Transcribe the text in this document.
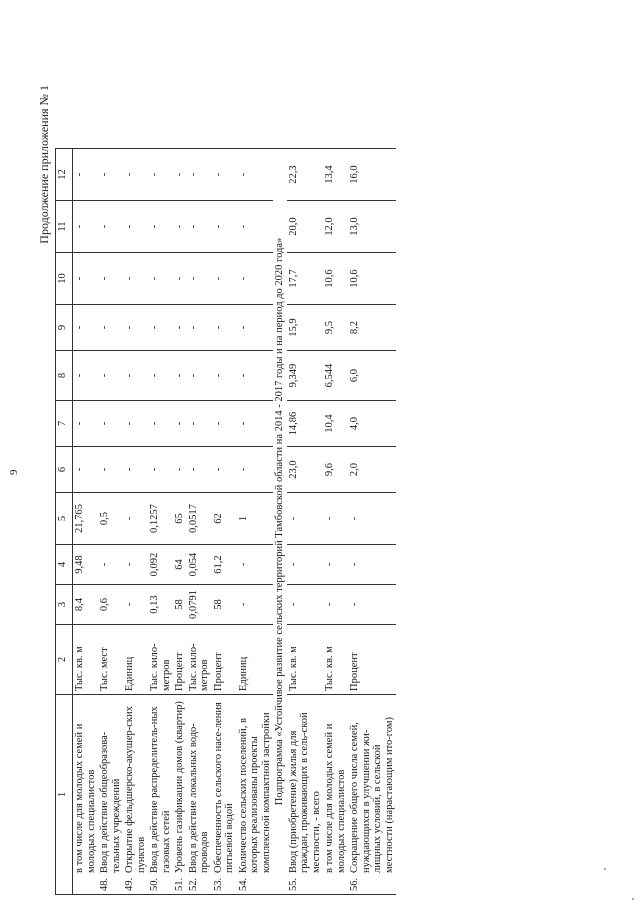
9
Продолжение приложения № 1
1	2	3	4	5	6	7	8	9	10	11	12

в том числе для молодых семей и молодых специалистов	Тыс. кв. м	8,4	9,48	21,765	-	-	-	-	-	-	-

48.
Ввод в действие общеобразова-тельных учреждений	Тыс. мест	0,6	-	0,5	-	-	-	-	-	-	-

49.
Открытие фельдшерско-акушер-ских пунктов	Единиц	-	-	-	-	-	-	-	-	-	-

50.
Ввод в действие распределитель-ных газовых сетей	Тыс. кило-метров	0,13	0,092	0,1257	-	-	-	-	-	-	-

51.
Уровень газификации домов (квартир)	Процент	58	64	65	-	-	-	-	-	-	-

52.
Ввод в действие локальных водо-проводов	Тыс. кило-метров	0,0791	0,054	0,0517	-	-	-	-	-	-	-

53.
Обеспеченность сельского насе-ления питьевой водой	Процент	58	61,2	62	-	-	-	-	-	-	-

54.
Количество сельских поселений, в которых реализованы проекты комплексной компактной застройки	Единиц	-	-	1	-	-	-	-	-	-	-
Подпрограмма «Устойчивое развитие сельских территорий Тамбовской области на 2014 - 2017 годы и на период до 2020 года»											

55.
Ввод (приобретение) жилья для граждан, проживающих в сель-ской местности, - всего	Тыс. кв. м	-	-	-	23,0	14,86	9,349	15,9	17,7	20,0	22,3

в том числе для молодых семей и молодых специалистов	Тыс. кв. м	-	-	-	9,6	10,4	6,544	9,5	10,6	12,0	13,4

56.
Сокращение общего числа семей, нуждающихся в улучшении жи-лищных условий, в сельской местности (нарастающим ито-гом)	Процент	-	-	-	2,0	4,0	6,0	8,2	10,6	13,0	16,0
